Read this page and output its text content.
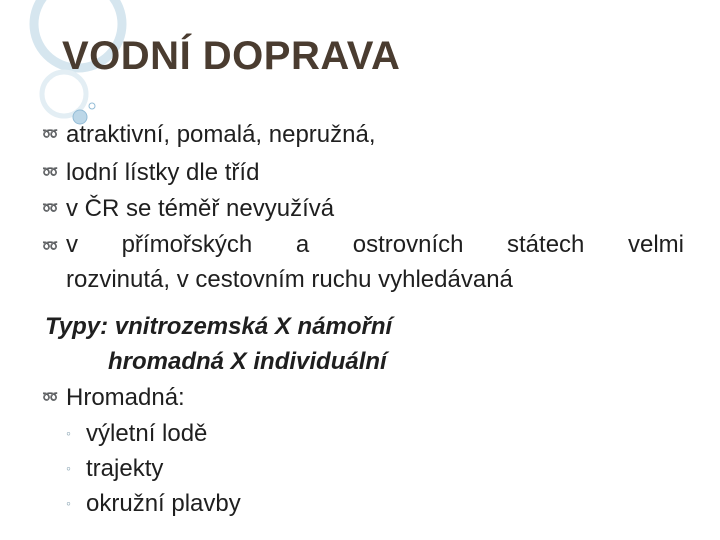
VODNÍ DOPRAVA
➿ atraktivní, pomalá, nepružná,
➿ lodní lístky dle tříd
➿ v ČR se téměř nevyužívá
➿ v přímořských a ostrovních státech velmi
rozvinutá, v cestovním ruchu vyhledávaná
Typy: vnitrozemská X námořní
hromadná X individuální
➿ Hromadná:
◦ výletní lodě
◦ trajekty
◦ okružní plavby
